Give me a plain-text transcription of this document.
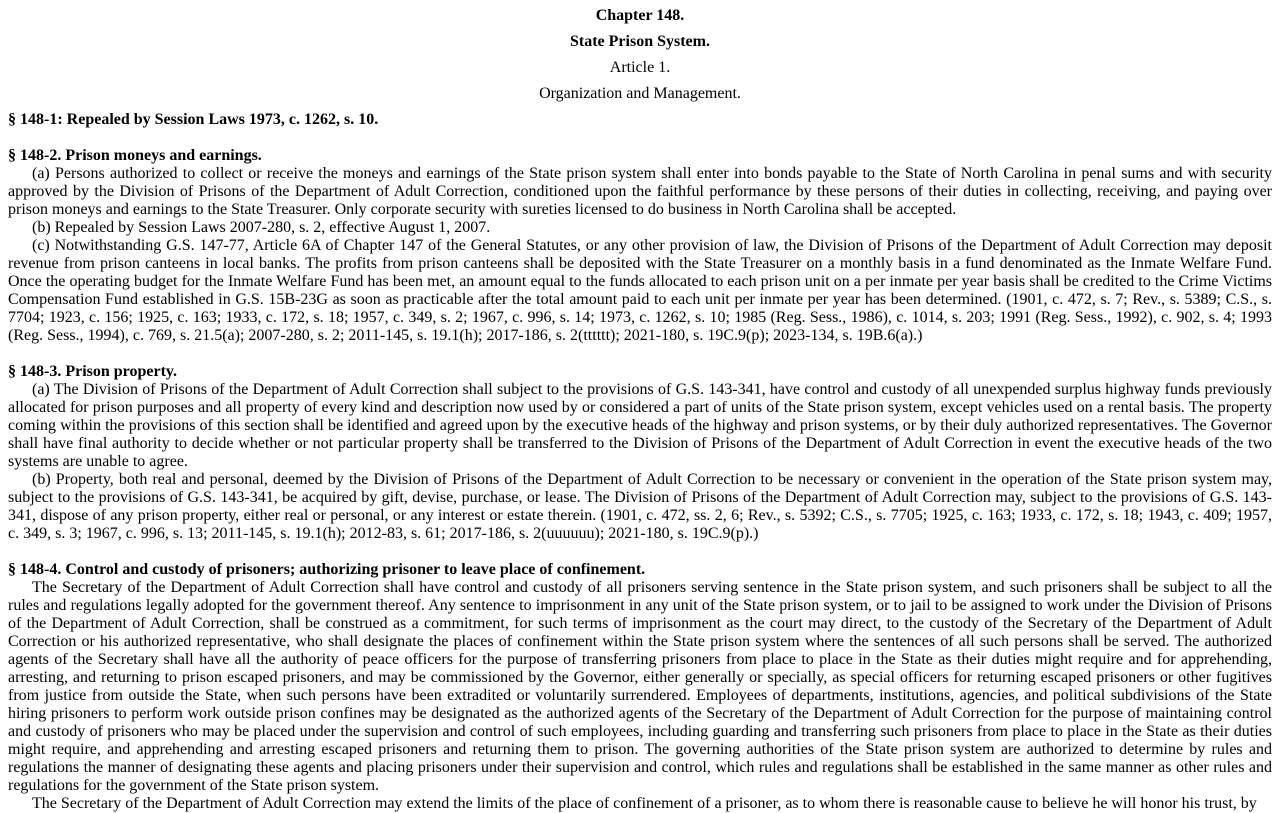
Chapter 148.
State Prison System.
Article 1.
Organization and Management.

§ 148-1: Repealed by Session Laws 1973, c. 1262, s. 10.

§ 148-2. Prison moneys and earnings.

(a) Persons authorized to collect or receive the moneys and earnings of the State prison system shall enter into bonds payable to the State of North Carolina in penal sums and with security approved by the Division of Prisons of the Department of Adult Correction, conditioned upon the faithful performance by these persons of their duties in collecting, receiving, and paying over prison moneys and earnings to the State Treasurer. Only corporate security with sureties licensed to do business in North Carolina shall be accepted.

(b) Repealed by Session Laws 2007-280, s. 2, effective August 1, 2007.

(c) Notwithstanding G.S. 147-77, Article 6A of Chapter 147 of the General Statutes, or any other provision of law, the Division of Prisons of the Department of Adult Correction may deposit revenue from prison canteens in local banks. The profits from prison canteens shall be deposited with the State Treasurer on a monthly basis in a fund denominated as the Inmate Welfare Fund. Once the operating budget for the Inmate Welfare Fund has been met, an amount equal to the funds allocated to each prison unit on a per inmate per year basis shall be credited to the Crime Victims Compensation Fund established in G.S. 15B-23G as soon as practicable after the total amount paid to each unit per inmate per year has been determined. (1901, c. 472, s. 7; Rev., s. 5389; C.S., s. 7704; 1923, c. 156; 1925, c. 163; 1933, c. 172, s. 18; 1957, c. 349, s. 2; 1967, c. 996, s. 14; 1973, c. 1262, s. 10; 1985 (Reg. Sess., 1986), c. 1014, s. 203; 1991 (Reg. Sess., 1992), c. 902, s. 4; 1993 (Reg. Sess., 1994), c. 769, s. 21.5(a); 2007-280, s. 2; 2011-145, s. 19.1(h); 2017-186, s. 2(tttttt); 2021-180, s. 19C.9(p); 2023-134, s. 19B.6(a).)

§ 148-3. Prison property.

(a) The Division of Prisons of the Department of Adult Correction shall subject to the provisions of G.S. 143-341, have control and custody of all unexpended surplus highway funds previously allocated for prison purposes and all property of every kind and description now used by or considered a part of units of the State prison system, except vehicles used on a rental basis. The property coming within the provisions of this section shall be identified and agreed upon by the executive heads of the highway and prison systems, or by their duly authorized representatives. The Governor shall have final authority to decide whether or not particular property shall be transferred to the Division of Prisons of the Department of Adult Correction in event the executive heads of the two systems are unable to agree.

(b) Property, both real and personal, deemed by the Division of Prisons of the Department of Adult Correction to be necessary or convenient in the operation of the State prison system may, subject to the provisions of G.S. 143-341, be acquired by gift, devise, purchase, or lease. The Division of Prisons of the Department of Adult Correction may, subject to the provisions of G.S. 143-341, dispose of any prison property, either real or personal, or any interest or estate therein. (1901, c. 472, ss. 2, 6; Rev., s. 5392; C.S., s. 7705; 1925, c. 163; 1933, c. 172, s. 18; 1943, c. 409; 1957, c. 349, s. 3; 1967, c. 996, s. 13; 2011-145, s. 19.1(h); 2012-83, s. 61; 2017-186, s. 2(uuuuuu); 2021-180, s. 19C.9(p).)

§ 148-4. Control and custody of prisoners; authorizing prisoner to leave place of confinement.

The Secretary of the Department of Adult Correction shall have control and custody of all prisoners serving sentence in the State prison system, and such prisoners shall be subject to all the rules and regulations legally adopted for the government thereof. Any sentence to imprisonment in any unit of the State prison system, or to jail to be assigned to work under the Division of Prisons of the Department of Adult Correction, shall be construed as a commitment, for such terms of imprisonment as the court may direct, to the custody of the Secretary of the Department of Adult Correction or his authorized representative, who shall designate the places of confinement within the State prison system where the sentences of all such persons shall be served. The authorized agents of the Secretary shall have all the authority of peace officers for the purpose of transferring prisoners from place to place in the State as their duties might require and for apprehending, arresting, and returning to prison escaped prisoners, and may be commissioned by the Governor, either generally or specially, as special officers for returning escaped prisoners or other fugitives from justice from outside the State, when such persons have been extradited or voluntarily surrendered. Employees of departments, institutions, agencies, and political subdivisions of the State hiring prisoners to perform work outside prison confines may be designated as the authorized agents of the Secretary of the Department of Adult Correction for the purpose of maintaining control and custody of prisoners who may be placed under the supervision and control of such employees, including guarding and transferring such prisoners from place to place in the State as their duties might require, and apprehending and arresting escaped prisoners and returning them to prison. The governing authorities of the State prison system are authorized to determine by rules and regulations the manner of designating these agents and placing prisoners under their supervision and control, which rules and regulations shall be established in the same manner as other rules and regulations for the government of the State prison system.

The Secretary of the Department of Adult Correction may extend the limits of the place of confinement of a prisoner, as to whom there is reasonable cause to believe he will honor his trust, by
